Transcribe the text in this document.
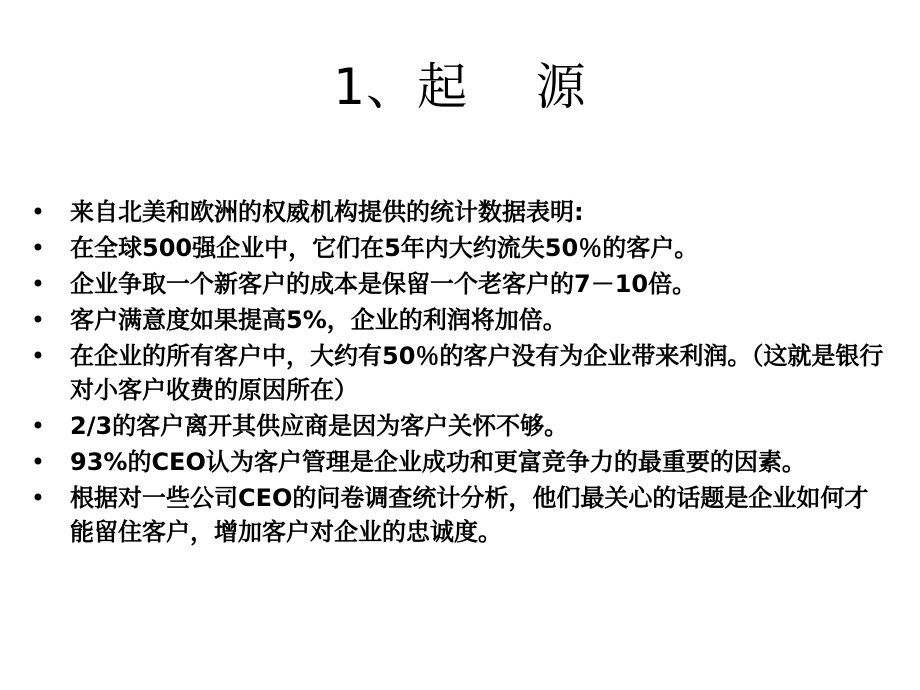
1、起    源
• 来自北美和欧洲的权威机构提供的统计数据表明:
• 在全球500强企业中，它们在5年内大约流失50％的客户。
• 企业争取一个新客户的成本是保留一个老客户的7－10倍。
• 客户满意度如果提高5%，企业的利润将加倍。
• 在企业的所有客户中，大约有50％的客户没有为企业带来利润。（这就是银行对小客户收费的原因所在）
• 2/3的客户离开其供应商是因为客户关怀不够。
• 93%的CEO认为客户管理是企业成功和更富竞争力的最重要的因素。
• 根据对一些公司CEO的问卷调查统计分析，他们最关心的话题是企业如何才能留住客户，增加客户对企业的忠诚度。
